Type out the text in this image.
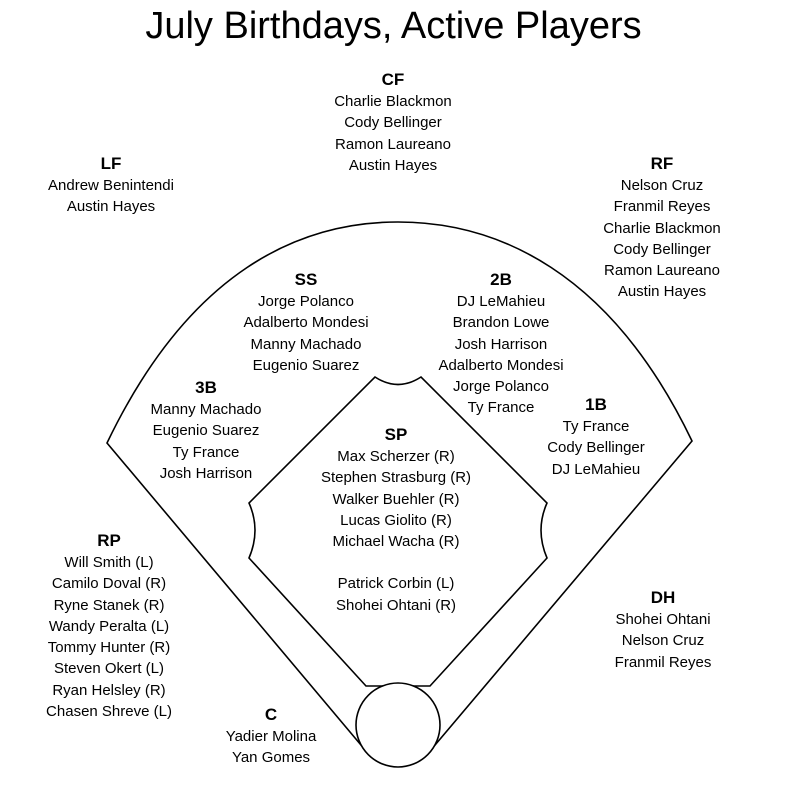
July Birthdays, Active Players
CF
Charlie Blackmon
Cody Bellinger
Ramon Laureano
Austin Hayes
LF
Andrew Benintendi
Austin Hayes
RF
Nelson Cruz
Franmil Reyes
Charlie Blackmon
Cody Bellinger
Ramon Laureano
Austin Hayes
SS
Jorge Polanco
Adalberto Mondesi
Manny Machado
Eugenio Suarez
2B
DJ LeMahieu
Brandon Lowe
Josh Harrison
Adalberto Mondesi
Jorge Polanco
Ty France
3B
Manny Machado
Eugenio Suarez
Ty France
Josh Harrison
1B
Ty France
Cody Bellinger
DJ LeMahieu
SP
Max Scherzer (R)
Stephen Strasburg (R)
Walker Buehler (R)
Lucas Giolito (R)
Michael Wacha (R)
Patrick Corbin (L)
Shohei Ohtani (R)
RP
Will Smith (L)
Camilo Doval (R)
Ryne Stanek (R)
Wandy Peralta (L)
Tommy Hunter (R)
Steven Okert (L)
Ryan Helsley (R)
Chasen Shreve (L)
DH
Shohei Ohtani
Nelson Cruz
Franmil Reyes
C
Yadier Molina
Yan Gomes
